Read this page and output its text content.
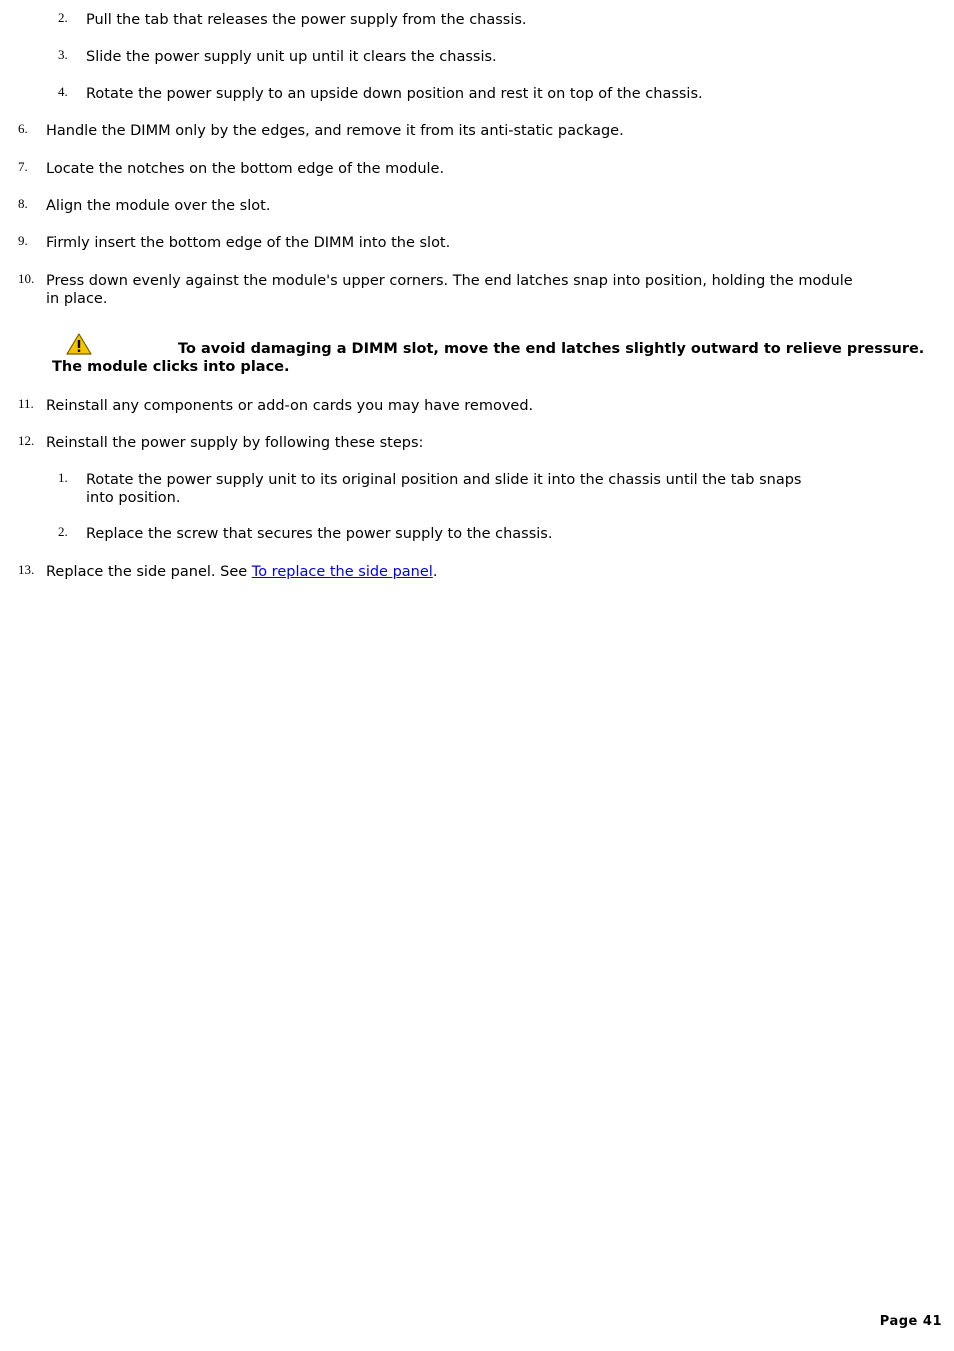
2. Pull the tab that releases the power supply from the chassis.
3. Slide the power supply unit up until it clears the chassis.
4. Rotate the power supply to an upside down position and rest it on top of the chassis.
6. Handle the DIMM only by the edges, and remove it from its anti-static package.
7. Locate the notches on the bottom edge of the module.
8. Align the module over the slot.
9. Firmly insert the bottom edge of the DIMM into the slot.
10. Press down evenly against the module's upper corners. The end latches snap into position, holding the module
in place.
To avoid damaging a DIMM slot, move the end latches slightly outward to relieve pressure. The module clicks into place.
11. Reinstall any components or add-on cards you may have removed.
12. Reinstall the power supply by following these steps:
1. Rotate the power supply unit to its original position and slide it into the chassis until the tab snaps
into position.
2. Replace the screw that secures the power supply to the chassis.
13. Replace the side panel. See To replace the side panel.
Page 41
